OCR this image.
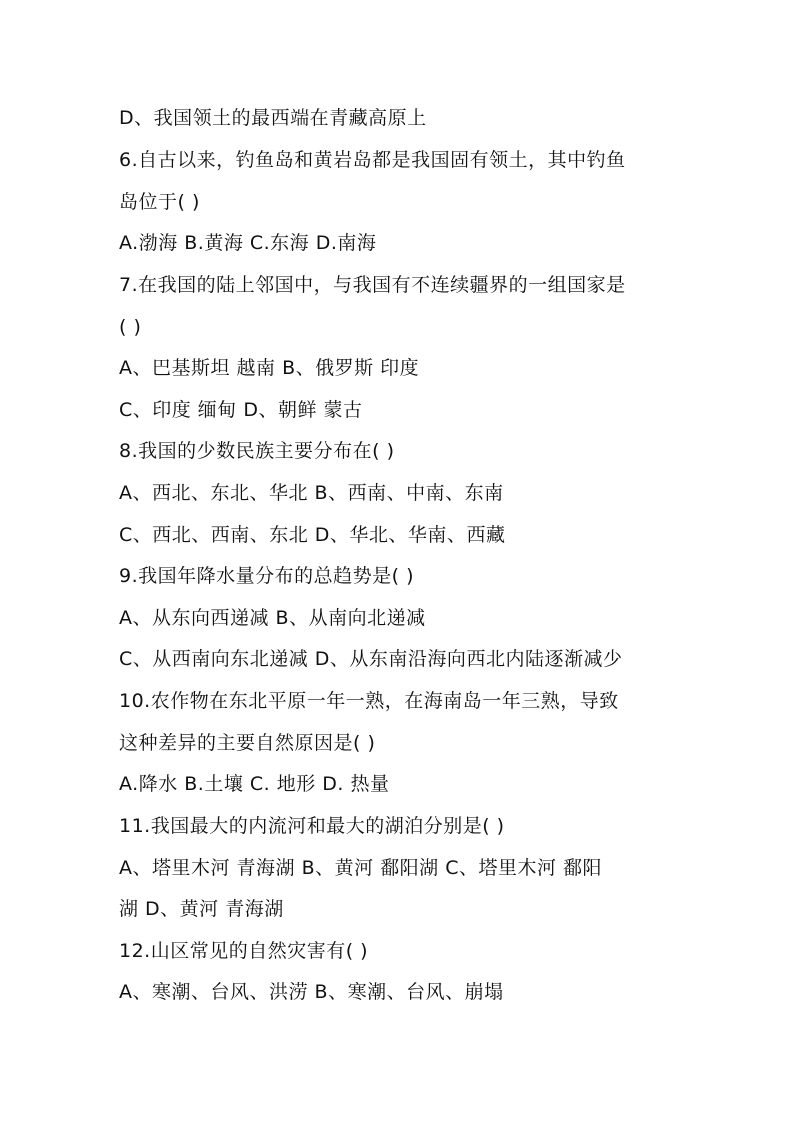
D、我国领土的最西端在青藏高原上
6.自古以来，钓鱼岛和黄岩岛都是我国固有领土，其中钓鱼
岛位于( )
A.渤海 B.黄海 C.东海 D.南海
7.在我国的陆上邻国中，与我国有不连续疆界的一组国家是
( )
A、巴基斯坦 越南 B、俄罗斯 印度
C、印度 缅甸 D、朝鲜 蒙古
8.我国的少数民族主要分布在( )
A、西北、东北、华北 B、西南、中南、东南
C、西北、西南、东北 D、华北、华南、西藏
9.我国年降水量分布的总趋势是( )
A、从东向西递减 B、从南向北递减
C、从西南向东北递减 D、从东南沿海向西北内陆逐渐减少
10.农作物在东北平原一年一熟，在海南岛一年三熟，导致
这种差异的主要自然原因是( )
A.降水 B.土壤 C. 地形 D. 热量
11.我国最大的内流河和最大的湖泊分别是( )
A、塔里木河 青海湖 B、黄河 鄱阳湖 C、塔里木河 鄱阳
湖 D、黄河 青海湖
12.山区常见的自然灾害有( )
A、寒潮、台风、洪涝 B、寒潮、台风、崩塌
